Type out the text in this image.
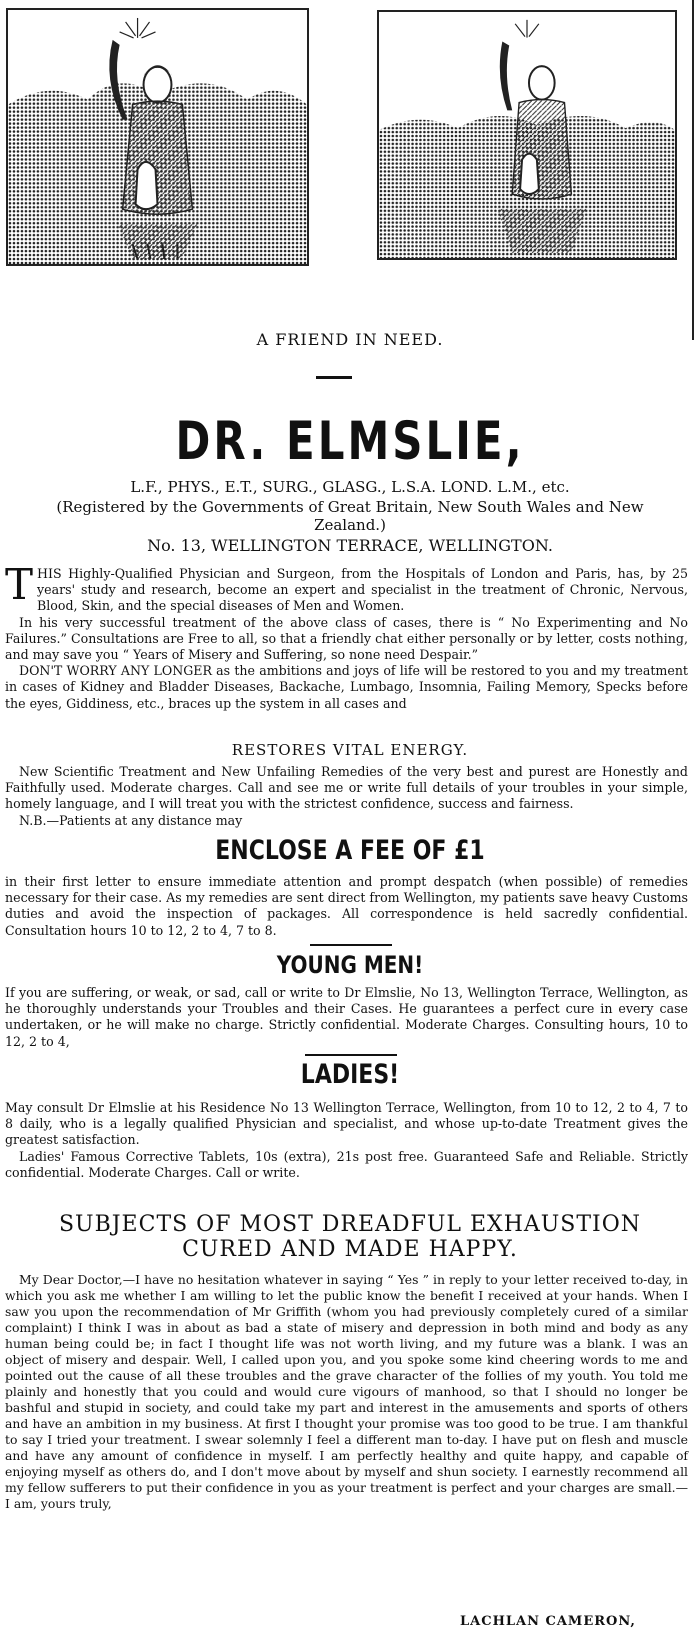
A FRIEND IN NEED.
DR. ELMSLIE,
L.F., PHYS., E.T., SURG., GLASG., L.S.A. LOND. L.M., etc.
(Registered by the Governments of Great Britain, New South Wales and New Zealand.)
No. 13, WELLINGTON TERRACE, WELLINGTON.

THIS Highly-Qualified Physician and Surgeon, from the Hospitals of London and Paris, has, by 25 years' study and research, become an expert and specialist in the treatment of Chronic, Nervous, Blood, Skin, and the special diseases of Men and Women.

In his very successful treatment of the above class of cases, there is “ No Experimenting and No Failures.” Consultations are Free to all, so that a friendly chat either personally or by letter, costs nothing, and may save you “ Years of Misery and Suffering, so none need Despair.”

DON'T WORRY ANY LONGER as the ambitions and joys of life will be restored to you and my treatment in cases of Kidney and Bladder Diseases, Backache, Lumbago, Insomnia, Failing Memory, Specks before the eyes, Giddiness, etc., braces up the system in all cases and

RESTORES VITAL ENERGY.

New Scientific Treatment and New Unfailing Remedies of the very best and purest are Honestly and Faithfully used. Moderate charges. Call and see me or write full details of your troubles in your simple, homely language, and I will treat you with the strictest confidence, success and fairness.

N.B.—Patients at any distance may

ENCLOSE A FEE OF £1

in their first letter to ensure immediate attention and prompt despatch (when possible) of remedies necessary for their case. As my remedies are sent direct from Wellington, my patients save heavy Customs duties and avoid the inspection of packages. All correspondence is held sacredly confidential. Consultation hours 10 to 12, 2 to 4, 7 to 8.

YOUNG MEN!

If you are suffering, or weak, or sad, call or write to Dr Elmslie, No 13, Wellington Terrace, Wellington, as he thoroughly understands your Troubles and their Cases. He guarantees a perfect cure in every case undertaken, or he will make no charge. Strictly confidential. Moderate Charges. Consulting hours, 10 to 12, 2 to 4,

LADIES!

May consult Dr Elmslie at his Residence No 13 Wellington Terrace, Wellington, from 10 to 12, 2 to 4, 7 to 8 daily, who is a legally qualified Physician and specialist, and whose up-to-date Treatment gives the greatest satisfaction.

Ladies' Famous Corrective Tablets, 10s (extra), 21s post free. Guaranteed Safe and Reliable. Strictly confidential. Moderate Charges. Call or write.

SUBJECTS OF MOST DREADFUL EXHAUSTION
CURED AND MADE HAPPY.

My Dear Doctor,—I have no hesitation whatever in saying “ Yes ” in reply to your letter received to-day, in which you ask me whether I am willing to let the public know the benefit I received at your hands. When I saw you upon the recommendation of Mr Griffith (whom you had previously completely cured of a similar complaint) I think I was in about as bad a state of misery and depression in both mind and body as any human being could be; in fact I thought life was not worth living, and my future was a blank. I was an object of misery and despair. Well, I called upon you, and you spoke some kind cheering words to me and pointed out the cause of all these troubles and the grave character of the follies of my youth. You told me plainly and honestly that you could and would cure vigours of manhood, so that I should no longer be bashful and stupid in society, and could take my part and interest in the amusements and sports of others and have an ambition in my business. At first I thought your promise was too good to be true. I am thankful to say I tried your treatment. I swear solemnly I feel a different man to-day. I have put on flesh and muscle and have any amount of confidence in myself. I am perfectly healthy and quite happy, and capable of enjoying myself as others do, and I don't move about by myself and shun society. I earnestly recommend all my fellow sufferers to put their confidence in you as your treatment is perfect and your charges are small.—I am, yours truly,

LACHLAN CAMERON,
